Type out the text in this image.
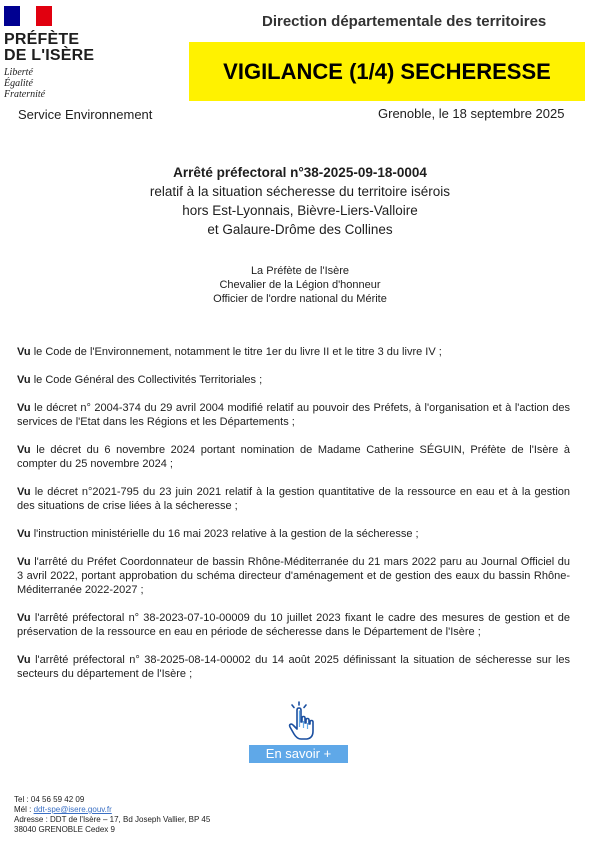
PRÉFÈTE
DE L'ISÈRE
Liberté
Égalité
Fraternité
Service Environnement
Direction départementale des territoires
VIGILANCE (1/4) SECHERESSE
Grenoble, le 18 septembre 2025
Arrêté préfectoral n°38-2025-09-18-0004
relatif à la situation sécheresse du territoire isérois
hors Est-Lyonnais, Bièvre-Liers-Valloire
et Galaure-Drôme des Collines
La Préfète de l'Isère
Chevalier de la Légion d'honneur
Officier de l'ordre national du Mérite

Vu le Code de l'Environnement, notamment le titre 1er du livre II et le titre 3 du livre IV ;

Vu le Code Général des Collectivités Territoriales ;

Vu le décret n° 2004-374 du 29 avril 2004 modifié relatif au pouvoir des Préfets, à l'organisation et à l'action des services de l'Etat dans les Régions et les Départements ;

Vu le décret du 6 novembre 2024 portant nomination de Madame Catherine SÉGUIN, Préfète de l'Isère à compter du 25 novembre 2024 ;

Vu le décret n°2021-795 du 23 juin 2021 relatif à la gestion quantitative de la ressource en eau et à la gestion des situations de crise liées à la sécheresse ;

Vu l'instruction ministérielle du 16 mai 2023 relative à la gestion de la sécheresse ;

Vu l'arrêté du Préfet Coordonnateur de bassin Rhône-Méditerranée du 21 mars 2022 paru au Journal Officiel du 3 avril 2022, portant approbation du schéma directeur d'aménagement et de gestion des eaux du bassin Rhône-Méditerranée 2022-2027 ;

Vu l'arrêté préfectoral n° 38-2023-07-10-00009 du 10 juillet 2023 fixant le cadre des mesures de gestion et de préservation de la ressource en eau en période de sécheresse dans le Département de l'Isère ;

Vu l'arrêté préfectoral n° 38-2025-08-14-00002 du 14 août 2025 définissant la situation de sécheresse sur les secteurs du département de l'Isère ;

En savoir +
Tel : 04 56 59 42 09
Mél : ddt-spe@isere.gouv.fr
Adresse : DDT de l'Isère – 17, Bd Joseph Vallier, BP 45
38040 GRENOBLE Cedex 9
